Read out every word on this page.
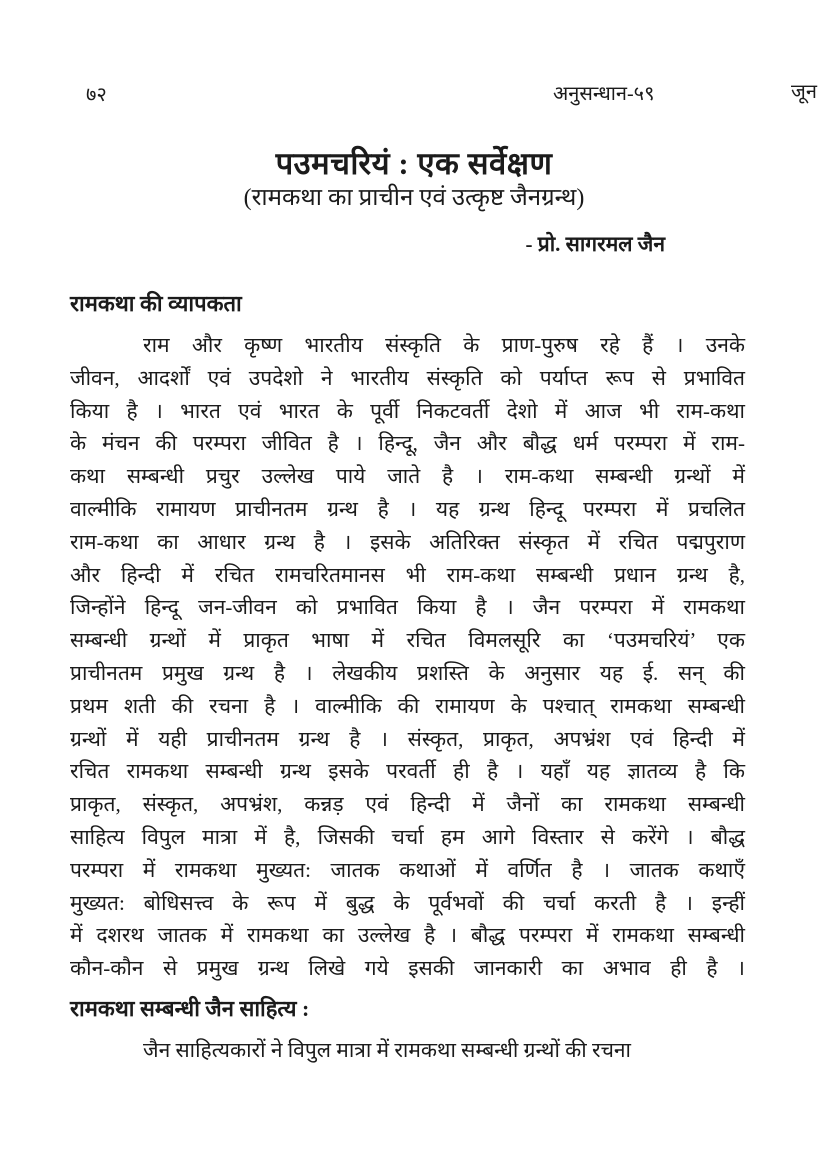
७२	अनुसन्धान-५९	जून
पउमचरियं : एक सर्वेक्षण
(रामकथा का प्राचीन एवं उत्कृष्ट जैनग्रन्थ)
- प्रो. सागरमल जैन
रामकथा की व्यापकता
राम और कृष्ण भारतीय संस्कृति के प्राण-पुरुष रहे हैं । उनके
जीवन, आदर्शों एवं उपदेशो ने भारतीय संस्कृति को पर्याप्त रूप से प्रभावित
किया है । भारत एवं भारत के पूर्वी निकटवर्ती देशो में आज भी राम-कथा
के मंचन की परम्परा जीवित है । हिन्दू, जैन और बौद्ध धर्म परम्परा में राम-
कथा सम्बन्धी प्रचुर उल्लेख पाये जाते है । राम-कथा सम्बन्धी ग्रन्थों में
वाल्मीकि रामायण प्राचीनतम ग्रन्थ है । यह ग्रन्थ हिन्दू परम्परा में प्रचलित
राम-कथा का आधार ग्रन्थ है । इसके अतिरिक्त संस्कृत में रचित पद्मपुराण
और हिन्दी में रचित रामचरितमानस भी राम-कथा सम्बन्धी प्रधान ग्रन्थ है,
जिन्होंने हिन्दू जन-जीवन को प्रभावित किया है । जैन परम्परा में रामकथा
सम्बन्धी ग्रन्थों में प्राकृत भाषा में रचित विमलसूरि का ‘पउमचरियं’ एक
प्राचीनतम प्रमुख ग्रन्थ है । लेखकीय प्रशस्ति के अनुसार यह ई. सन् की
प्रथम शती की रचना है । वाल्मीकि की रामायण के पश्चात् रामकथा सम्बन्धी
ग्रन्थों में यही प्राचीनतम ग्रन्थ है । संस्कृत, प्राकृत, अपभ्रंश एवं हिन्दी में
रचित रामकथा सम्बन्धी ग्रन्थ इसके परवर्ती ही है । यहाँ यह ज्ञातव्य है कि
प्राकृत, संस्कृत, अपभ्रंश, कन्नड़ एवं हिन्दी में जैनों का रामकथा सम्बन्धी
साहित्य विपुल मात्रा में है, जिसकी चर्चा हम आगे विस्तार से करेंगे । बौद्ध
परम्परा में रामकथा मुख्यत: जातक कथाओं में वर्णित है । जातक कथाएँ
मुख्यत: बोधिसत्त्व के रूप में बुद्ध के पूर्वभवों की चर्चा करती है । इन्हीं
में दशरथ जातक में रामकथा का उल्लेख है । बौद्ध परम्परा में रामकथा सम्बन्धी
कौन-कौन से प्रमुख ग्रन्थ लिखे गये इसकी जानकारी का अभाव ही है ।
रामकथा सम्बन्धी जैन साहित्य :
जैन साहित्यकारों ने विपुल मात्रा में रामकथा सम्बन्धी ग्रन्थों की रचना
